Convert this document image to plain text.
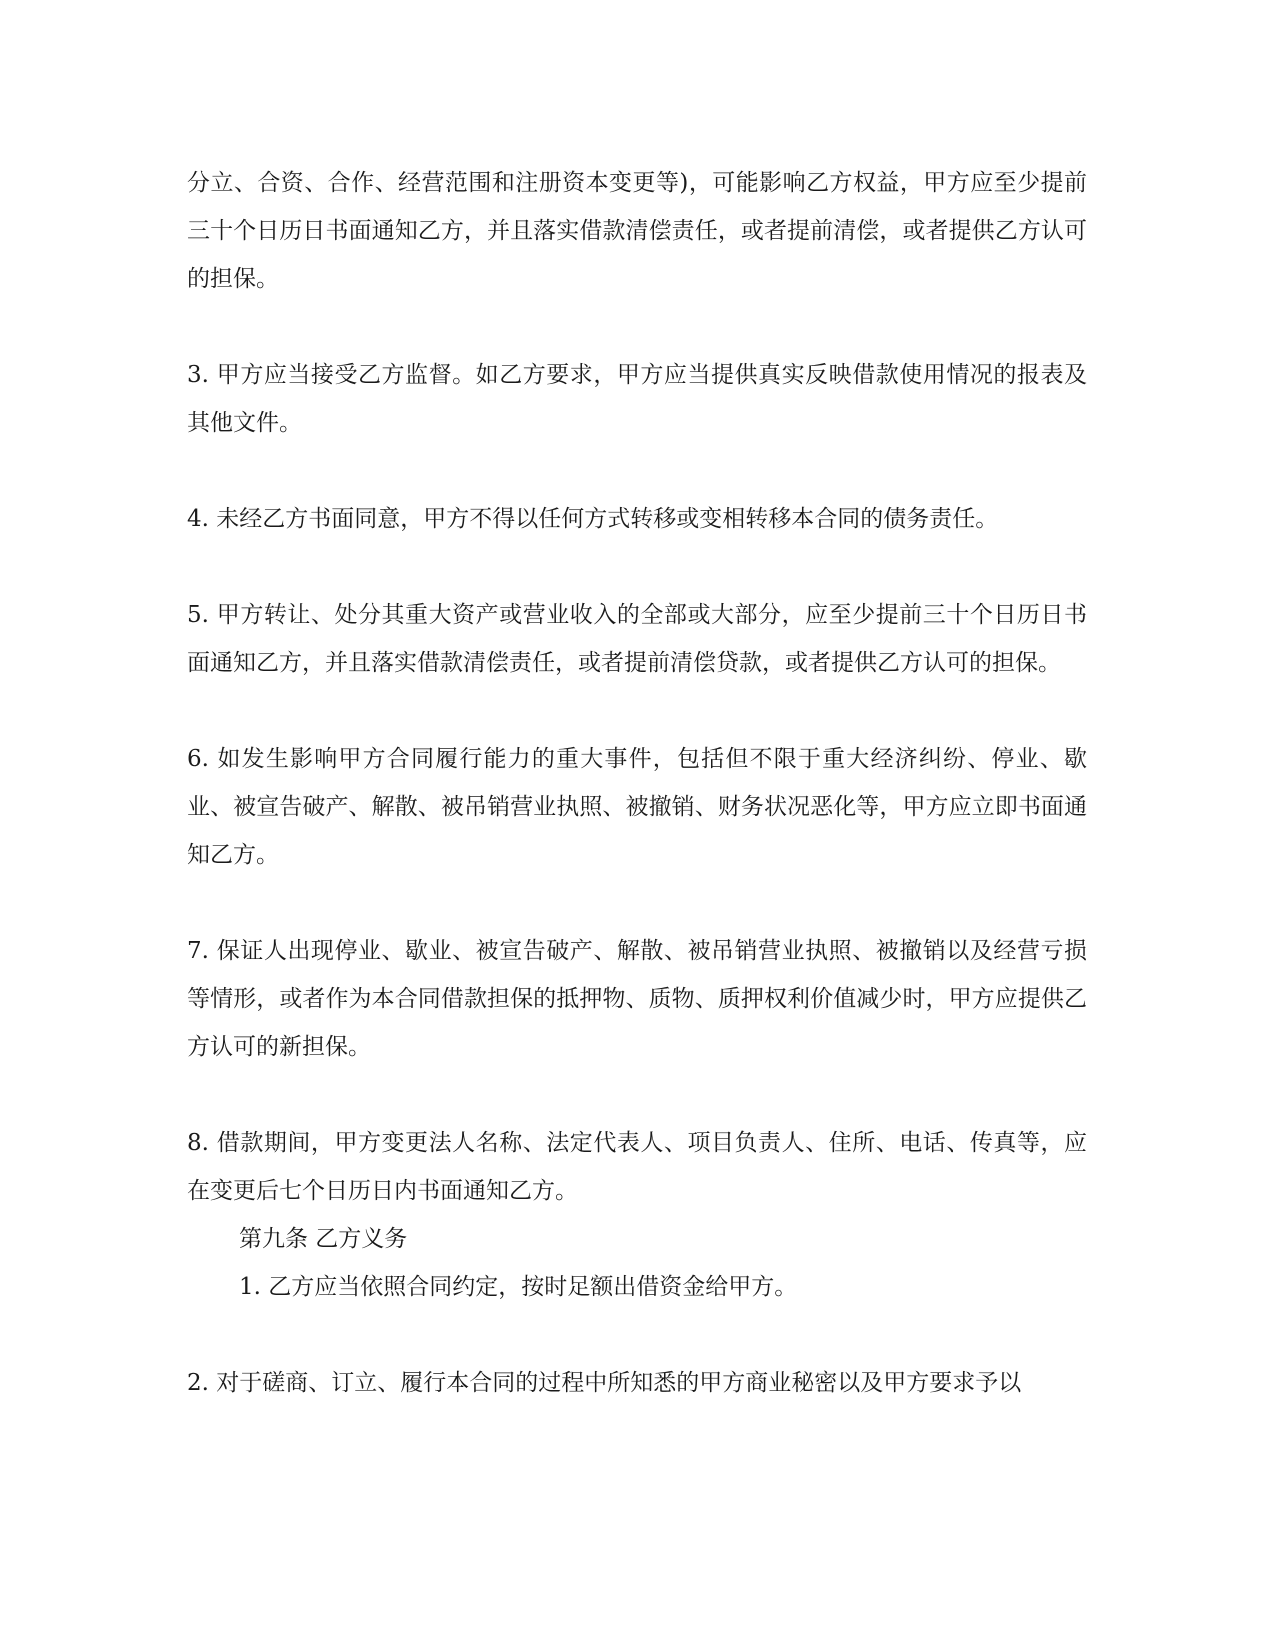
分立、合资、合作、经营范围和注册资本变更等)，可能影响乙方权益，甲方应至少提前三十个日历日书面通知乙方，并且落实借款清偿责任，或者提前清偿，或者提供乙方认可的担保。

3. 甲方应当接受乙方监督。如乙方要求，甲方应当提供真实反映借款使用情况的报表及其他文件。

4. 未经乙方书面同意，甲方不得以任何方式转移或变相转移本合同的债务责任。

5. 甲方转让、处分其重大资产或营业收入的全部或大部分，应至少提前三十个日历日书面通知乙方，并且落实借款清偿责任，或者提前清偿贷款，或者提供乙方认可的担保。

6. 如发生影响甲方合同履行能力的重大事件，包括但不限于重大经济纠纷、停业、歇业、被宣告破产、解散、被吊销营业执照、被撤销、财务状况恶化等，甲方应立即书面通知乙方。

7. 保证人出现停业、歇业、被宣告破产、解散、被吊销营业执照、被撤销以及经营亏损等情形，或者作为本合同借款担保的抵押物、质物、质押权利价值减少时，甲方应提供乙方认可的新担保。

8. 借款期间，甲方变更法人名称、法定代表人、项目负责人、住所、电话、传真等，应在变更后七个日历日内书面通知乙方。

第九条 乙方义务

1. 乙方应当依照合同约定，按时足额出借资金给甲方。

2. 对于磋商、订立、履行本合同的过程中所知悉的甲方商业秘密以及甲方要求予以
